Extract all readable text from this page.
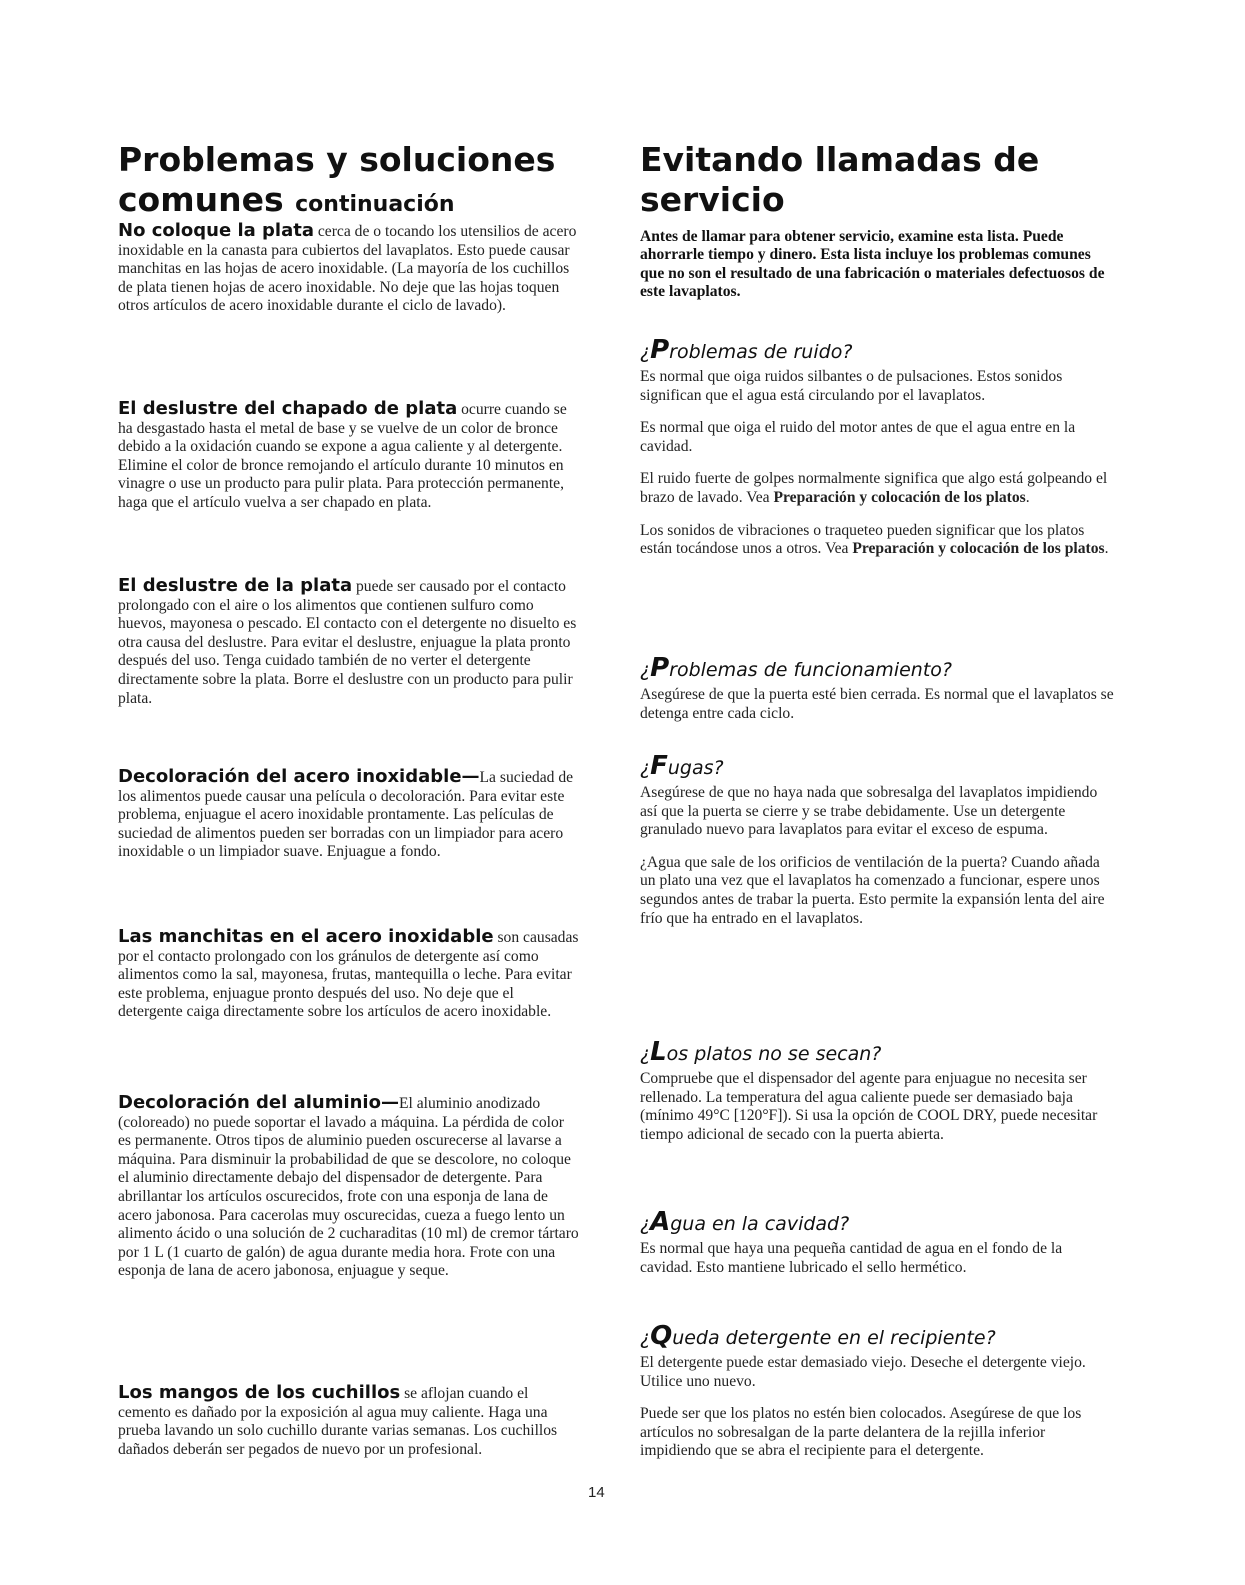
Problemas y soluciones
comunes continuación

No coloque la plata cerca de o tocando los utensilios de acero inoxidable en la canasta para cubiertos del lavaplatos. Esto puede causar manchitas en las hojas de acero inoxidable. (La mayoría de los cuchillos de plata tienen hojas de acero inoxidable. No deje que las hojas toquen otros artículos de acero inoxidable durante el ciclo de lavado).

El deslustre del chapado de plata ocurre cuando se ha desgastado hasta el metal de base y se vuelve de un color de bronce debido a la oxidación cuando se expone a agua caliente y al detergente. Elimine el color de bronce remojando el artículo durante 10 minutos en vinagre o use un producto para pulir plata. Para protección permanente, haga que el artículo vuelva a ser chapado en plata.

El deslustre de la plata puede ser causado por el contacto prolongado con el aire o los alimentos que contienen sulfuro como huevos, mayonesa o pescado. El contacto con el detergente no disuelto es otra causa del deslustre. Para evitar el deslustre, enjuague la plata pronto después del uso. Tenga cuidado también de no verter el detergente directamente sobre la plata. Borre el deslustre con un producto para pulir plata.

Decoloración del acero inoxidable—La suciedad de los alimentos puede causar una película o decoloración. Para evitar este problema, enjuague el acero inoxidable prontamente. Las películas de suciedad de alimentos pueden ser borradas con un limpiador para acero inoxidable o un limpiador suave. Enjuague a fondo.

Las manchitas en el acero inoxidable son causadas por el contacto prolongado con los gránulos de detergente así como alimentos como la sal, mayonesa, frutas, mantequilla o leche. Para evitar este problema, enjuague pronto después del uso. No deje que el detergente caiga directamente sobre los artículos de acero inoxidable.

Decoloración del aluminio—El aluminio anodizado (coloreado) no puede soportar el lavado a máquina. La pérdida de color es permanente. Otros tipos de aluminio pueden oscurecerse al lavarse a máquina. Para disminuir la probabilidad de que se descolore, no coloque el aluminio directamente debajo del dispensador de detergente. Para abrillantar los artículos oscurecidos, frote con una esponja de lana de acero jabonosa. Para cacerolas muy oscurecidas, cueza a fuego lento un alimento ácido o una solución de 2 cucharaditas (10 ml) de cremor tártaro por 1 L (1 cuarto de galón) de agua durante media hora. Frote con una esponja de lana de acero jabonosa, enjuague y seque.

Los mangos de los cuchillos se aflojan cuando el cemento es dañado por la exposición al agua muy caliente. Haga una prueba lavando un solo cuchillo durante varias semanas. Los cuchillos dañados deberán ser pegados de nuevo por un profesional.

Evitando llamadas de
servicio

Antes de llamar para obtener servicio, examine esta lista. Puede ahorrarle tiempo y dinero. Esta lista incluye los problemas comunes que no son el resultado de una fabricación o materiales defectuosos de este lavaplatos.

¿Problemas de ruido?

Es normal que oiga ruidos silbantes o de pulsaciones. Estos sonidos significan que el agua está circulando por el lavaplatos.

Es normal que oiga el ruido del motor antes de que el agua entre en la cavidad.

El ruido fuerte de golpes normalmente significa que algo está golpeando el brazo de lavado. Vea Preparación y colocación de los platos.

Los sonidos de vibraciones o traqueteo pueden significar que los platos están tocándose unos a otros. Vea Preparación y colocación de los platos.

¿Problemas de funcionamiento?

Asegúrese de que la puerta esté bien cerrada. Es normal que el lavaplatos se detenga entre cada ciclo.

¿Fugas?

Asegúrese de que no haya nada que sobresalga del lavaplatos impidiendo así que la puerta se cierre y se trabe debidamente. Use un detergente granulado nuevo para lavaplatos para evitar el exceso de espuma.

¿Agua que sale de los orificios de ventilación de la puerta? Cuando añada un plato una vez que el lavaplatos ha comenzado a funcionar, espere unos segundos antes de trabar la puerta. Esto permite la expansión lenta del aire frío que ha entrado en el lavaplatos.

¿Los platos no se secan?

Compruebe que el dispensador del agente para enjuague no necesita ser rellenado. La temperatura del agua caliente puede ser demasiado baja (mínimo 49°C [120°F]). Si usa la opción de COOL DRY, puede necesitar tiempo adicional de secado con la puerta abierta.

¿Agua en la cavidad?

Es normal que haya una pequeña cantidad de agua en el fondo de la cavidad. Esto mantiene lubricado el sello hermético.

¿Queda detergente en el recipiente?

El detergente puede estar demasiado viejo. Deseche el detergente viejo. Utilice uno nuevo.

Puede ser que los platos no estén bien colocados. Asegúrese de que los artículos no sobresalgan de la parte delantera de la rejilla inferior impidiendo que se abra el recipiente para el detergente.

14
